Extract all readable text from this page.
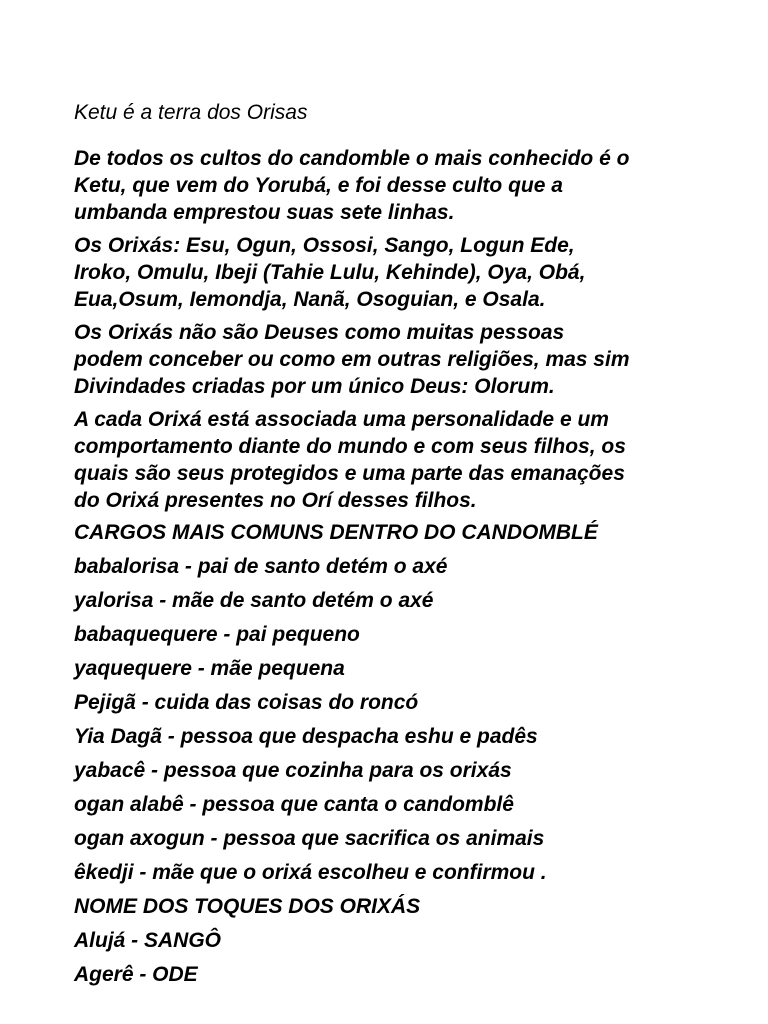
Ketu é a terra dos Orisas

De todos os cultos do candomble o mais conhecido é o
Ketu, que vem do Yorubá, e foi desse culto que a
umbanda emprestou suas sete linhas.
Os Orixás: Esu, Ogun, Ossosi, Sango, Logun Ede,
Iroko, Omulu, Ibeji (Tahie Lulu, Kehinde), Oya, Obá,
Eua,Osum, Iemondja, Nanã, Osoguian, e Osala.
Os Orixás não são Deuses como muitas pessoas
podem conceber ou como em outras religiões, mas sim
Divindades criadas por um único Deus: Olorum.
A cada Orixá está associada uma personalidade e um
comportamento diante do mundo e com seus filhos, os
quais são seus protegidos e uma parte das emanações
do Orixá presentes no Orí desses filhos.

CARGOS MAIS COMUNS DENTRO DO CANDOMBLÉ

babalorisa - pai de santo detém o axé

yalorisa - mãe de santo detém o axé

babaquequere - pai pequeno

yaquequere - mãe pequena

Pejigã - cuida das coisas do roncó

Yia Dagã - pessoa que despacha eshu e padês

yabacê - pessoa que cozinha para os orixás

ogan alabê - pessoa que canta o candomblê

ogan axogun - pessoa que sacrifica os animais

êkedji - mãe que o orixá escolheu e confirmou .

NOME DOS TOQUES DOS ORIXÁS

Alujá - SANGÔ

Agerê - ODE
